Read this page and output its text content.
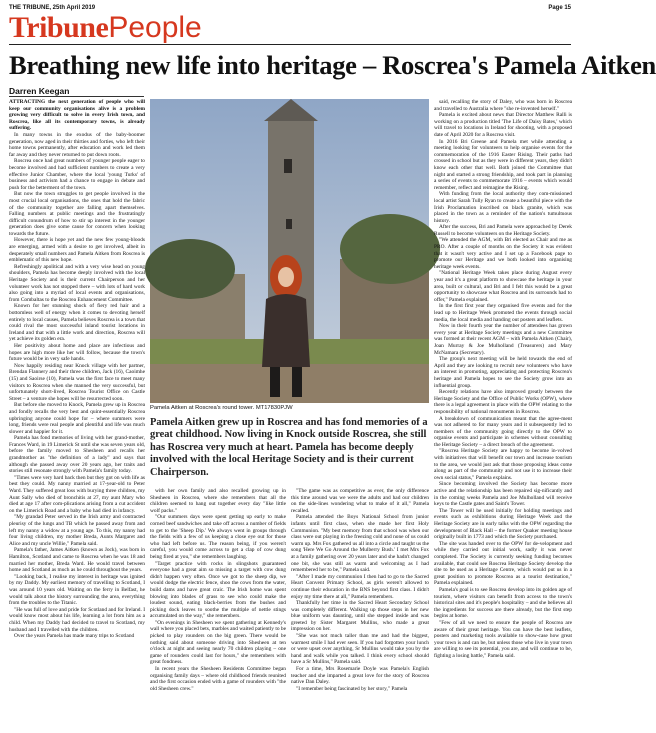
THE TRIBUNE, 25th April 2019	Page 15
TribunePeople
Breathing new life into heritage – Roscrea's Pamela Aitken
Darren Keegan

ATTRACTING the next generation of people who will keep our community organisations alive is a problem growing very difficult to solve in every Irish town, and Roscrea, like all its contemporary towns, is already suffering.

In many towns in the exodus of the baby-boomer generation, now aged in their thirties and forties, who left their home towns permanently, after education and work led them far away and they never returned to put down roots.

Roscrea once had great numbers of younger people eager to become involved and had sufficient numbers to create a very effective Junior Chamber, where the local 'young Turks' of business and activism had a chance to engage in debate and push for the betterment of the town.

But now the town struggles to get people involved in the most crucial local organisations, the ones that hold the fabric of the community together are falling apart themselves. Falling numbers at public meetings and the frustratingly difficult conundrum of how to stir up interest in the younger generation does give some cause for concern when looking towards the future.

However, there is hope yet and the new few young-bloods are emerging, armed with a desire to get involved, albeit in desperately small numbers and Pamela Aitken from Roscrea is emblematic of this new hope.

Refreshingly apolitical and with a very wise head on young shoulders, Pamela has become deeply involved with the local Heritage Society and is their current Chairperson and her volunteer work has not stopped there – with lots of hard work also going into a myriad of local events and organisations, from Combaltas to the Roscrea Enhancement Committee.

Known for her stunning shock of fiery red hair and a bottomless well of energy when it comes to devoting herself entirely to local causes, Pamela believes Roscrea is a town that could rival the most successful inland tourist locations in Ireland and that with a little work and direction, Roscrea will yet achieve its golden era.

Her positivity about home and place are infectious and hopes are high more like her will follow, because the town's future would be in very safe hands.

Now happily residing near Knock village with her partner, Brendan Flannery and their three children, Jack (16), Caoimhe (15) and Saoirse (10), Pamela was the first face to meet many visitors to Roscrea when she manned the very successful, but unfortunately short-lived, Roscrea Tourist Office on Castle Street – a venture she hopes will be resurrected soon.

But before she moved to Knock, Pamela grew up in Roscrea and fondly recalls the very best and quint-essentially Roscrea upbringing anyone could hope for – where summers were long, friends were real people and plentiful and life was much slower and happier for it.

Pamela has fond memories of living with her grand-mother, Frances Ward, in 19 Limerick St until she was seven years old, before the family moved to Shesheen and recalls her grandmother as "the definition of a lady" and says that although she passed away over 20 years ago, her traits and stories still resonate strongly with Pamela's family today.

"Times were very hard back then but they got on with life as best they could. My nanny married at 17-year-old to Peter Ward. They suffered great loss with burying three children, my Aunt Sally who died of bronchitis at 27, my aunt Mary who died at age 17 after com-plications arising from a cut accident on the Limerick Road and a baby who had died in infancy.

"My grandad Peter served in the Irish army and contracted pleurisy of the lungs and TB which he passed away from and left my nanny a widow at a young age. To this, my nanny had four living children, my mother Breda, Aunts Margaret and Alice and my uncle Willie," Pamela said.

Pamela's father, James Aitken (known as Jock), was born in Hamilton, Scotland and came to Roscrea when he was 18 and married her mother, Breda Ward. He would travel between home and Scotland as much as he could throughout the years.

"Looking back, I realise my interest in heritage was ignited by my Daddy. My earliest memory of travelling to Scotland, I was around 10 years old. Waiting on the ferry in Belfast, he would talk about the history surrounding the area, everything from the troubles to the Titanic.

"He was full of love and pride for Scotland and for Ireland. I would know most about his life, learning a lot from him as a child. When my Daddy had decided to travel to Scotland, my husband and I travelled with the children.

Over the years Pamela has made many trips to Scotland

Pamela Aitken at Roscrea's round tower. MT17830PJW
Pamela Aitken grew up in Roscrea and has fond memories of a great childhood. Now living in Knock outside Roscrea, she still has Roscrea very much at heart. Pamela has become deeply involved with the local Heritage Society and is their current Chairperson.

with her own family and also recalled growing up in Shesheen in Roscrea, where she remembers that all the children seemed to hang out together every day "like little wolf packs."

"Our summers days were spent getting up early to make corned beef sandwiches and take off across a number of fields to get to the 'Sheep Dip.' We always went in groups through the fields with a few of us keeping a close eye out for those who had left before us. The reason being, if you weren't careful, you would come across to get a clap of cow dung being fired at you," she remembers laughing.

"Target practice with rocks in slingshots guaranteed everyone had a great aim so missing a target with cow dung didn't happen very often. Once we got to the sheep dip, we would dodge the electric fence, shoo the cows from the water, build dams and have great craic. The Irish home was spent blowing into blades of grass to see who could make the loudest sound, eating black-berries from the bushes and picking dock leaves to soothe the multiple of nettle stings accumulated on the way," she remembers.

"On evenings in Shesheen we spent gathering at Kennedy's wall where you placed bets, marbles and waited patiently to be picked to play rounders on the big green. There would be nothing said about someone driving into Shesheen at ten o'clock at night and seeing nearly 70 children playing – one game of rounders could last for hours," she remembers with great fondness.

In recent years the Shesheen Residents Committee began organising family days – where old childhood friends reunited and the first occasion ended with a game of rounders with "the old Shesheen crew."

"The game was as competitive as ever, the only difference this time around was we were the adults and had our children on the side-lines wondering what to make of it all," Pamela recalled.

Pamela attended the Boys National School from junior infants until first class, when she made her first Holy Communion. "My best memory from that school was when our class were out playing in the freezing cold and none of us could warm up. Mrs Fox gathered us all into a circle and taught us the song 'Here We Go Around the Mulberry Bush.' I met Mrs Fox at a family gathering over 20 years later and she hadn't changed one bit, she was still as warm and welcoming as I had remembered her to be," Pamela said.

"After I made my communion I then had to go to the Sacred Heart Convent Primary School, as girls weren't allowed to continue their education in the BNS beyond first class. I didn't enjoy my time there at all," Pamela remembers.

Thankfully her time in the Sacred Heart Secondary School was completely different. Walking up those steps in her new blue uniform was daunting, until she stepped inside and was greeted by Sister Margaret Mullins, who made a great impression on her.

"She was not much taller than me and had the biggest, warmest smile I had ever seen. If you had forgotten your lunch or were upset over anything, Sr Mullins would take you by the hand and walk while you talked. I think every school should have a Sr Mullins," Pamela said.

For a time, Mrs Rosemarie Doyle was Pamela's English teacher and she imparted a great love for the story of Roscrea native Dan Daley.

"I remember being fascinated by her story," Pamela

said, recalling the story of Daley, who was born in Roscrea and travelled to Australia where "she re-invented herself."

Pamela is excited about news that Director Matthew Ralli is working on a production titled 'The Life of Daisy Bates,' which will travel to locations in Ireland for shooting, with a proposed date of April 2020 for a Roscrea visit.

In 2016 Bri Greene and Pamela met while attending a meeting looking for volunteers to help organise events for the commemoration of the 1916 Easter Rising. Their paths had crossed in school but as they were in different years, they didn't know each other that well. Both joined the Committee that night and started a strong friendship, and took part in planning a series of events to commemorate 1916 – events which would remember, reflect and reimagine the Rising.

With funding from the local authority they com-missioned local artist Sarah Tully Ryan to create a beautiful piece with the Irish Proclamation inscribed on black granite, which was placed in the town as a reminder of the nation's tumultuous history.

After the success, Bri and Pamela were approached by Derek Russell to become volunteers on the Heritage Society.

"We attended the AGM, with Bri elected as Chair and me as PRO. After a couple of months on the Society it was evident that it wasn't very active and I set up a Facebook page to promote our Heritage and we both looked into organising heritage week events.

"National Heritage Week takes place during August every year and it's a great platform to showcase the heritage in your area, built or cultural, and Bri and I felt this would be a great opportunity to showcase what Roscrea and its surrounds had to offer," Pamela explained.

In the first first year they organised five events and for the lead up to Heritage Week promoted the events through social media, the local media and handing out posters and leaflets.

Now in their fourth year the number of attendees has grown every year at Heritage Society meetings and a new Committee was formed at their recent AGM – with Pamela Aitken (Chair), Joan Murray & Joe Mulholland (Treasurers) and Mary McNamara (Secretary).

The group's next meeting will be held towards the end of April and they are looking to recruit new volunteers who have an interest in promoting, appreciating and protecting Roscrea's heritage and Pamela hopes to see the Society grow into an influential group.

Recently relations have also improved greatly between the Heritage Society and the Office of Public Works (OPW), where there is a legal agreement in place with the OPW relating to the responsibility of national monuments in Roscrea.

A breakdown of communication meant that the agree-ment was not adhered to for many years and it subsequently led to members of the community going directly to the OPW to organise events and participate in schemes without consulting the Heritage Society – a direct breach of the agreement.

"Roscrea Heritage Society are happy to become in-volved with initiatives that will benefit our town and increase tourism to the area, we would just ask that those proposing ideas come along as part of the community and not use it to increase their own social status," Pamela explains.

Since becoming involved the Society has become more active and the relationship has been repaired sig-nificantly and in the coming weeks Pamela and Joe Mulholland will receive keys to the Castle gates and Saint's Tower.

The Tower will be used initially for holding meetings and events such as exhibitions during Heritage Week and the Heritage Society are in early talks with the OPW regarding the development of Black Hall – the former Quaker meeting house originally built in 1773 and which the Society purchased.

The site was handed over to the OPW for de-velopment and while they carried out initial work, sadly it was never completed. The Society is currently seeking funding becomes available, that could see Roscrea Heritage Society develop the site to be used as a Heritage Centre, which would put us in a great position to promote Roscrea as a tourist destination," Pamela explained.

Pamela's goal is to see Roscrea develop into its golden age of tourism, where visitors can benefit from access to the town's historical sites and it's people's hospitality – and she believes all the ingredients for success are there already, but the first step begins at home.

"Few of all we need to ensure the people of Roscrea are aware of their great heritage. You can have the best leaflets, posters and marketing tools available to show-case how great your town is and can be, but unless those who live in your town are willing to see its potential, you are, and will continue to be, fighting a losing battle," Pamela said.
